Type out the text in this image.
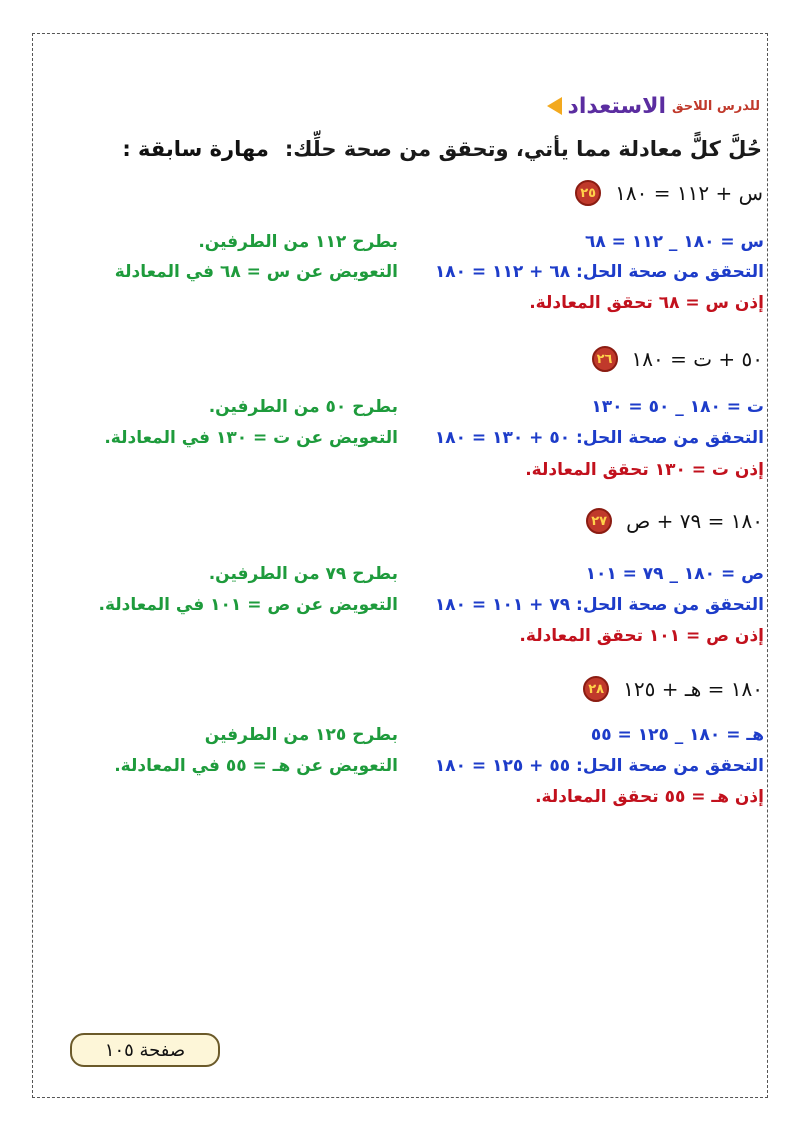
الاستعداد للدرس اللاحق
مهارة سابقة : حُلَّ كلًّ معادلة مما يأتي، وتحقق من صحة حلِّك:
٢٥ س + ١١٢ = ١٨٠
س = ١٨٠ _ ١١٢ = ٦٨
بطرح ١١٢ من الطرفين.
التحقق من صحة الحل: ٦٨ + ١١٢ = ١٨٠
التعويض عن س = ٦٨ في المعادلة
إذن س = ٦٨ تحقق المعادلة.
٢٦ ٥٠ + ت = ١٨٠
ت = ١٨٠ _ ٥٠ = ١٣٠
بطرح ٥٠ من الطرفين.
التحقق من صحة الحل: ٥٠ + ١٣٠ = ١٨٠
التعويض عن ت = ١٣٠ في المعادلة.
إذن ت = ١٣٠ تحقق المعادلة.
٢٧ ١٨٠ = ٧٩ + ص
ص = ١٨٠ _ ٧٩ = ١٠١
بطرح ٧٩ من الطرفين.
التحقق من صحة الحل: ٧٩ + ١٠١ = ١٨٠
التعويض عن ص = ١٠١ في المعادلة.
إذن ص = ١٠١ تحقق المعادلة.
٢٨ ١٨٠ = هـ + ١٢٥
هـ = ١٨٠ _ ١٢٥ = ٥٥
بطرح ١٢٥ من الطرفين
التحقق من صحة الحل: ٥٥ + ١٢٥ = ١٨٠
التعويض عن هـ = ٥٥ في المعادلة.
إذن هـ = ٥٥ تحقق المعادلة.
صفحة ١٠٥
